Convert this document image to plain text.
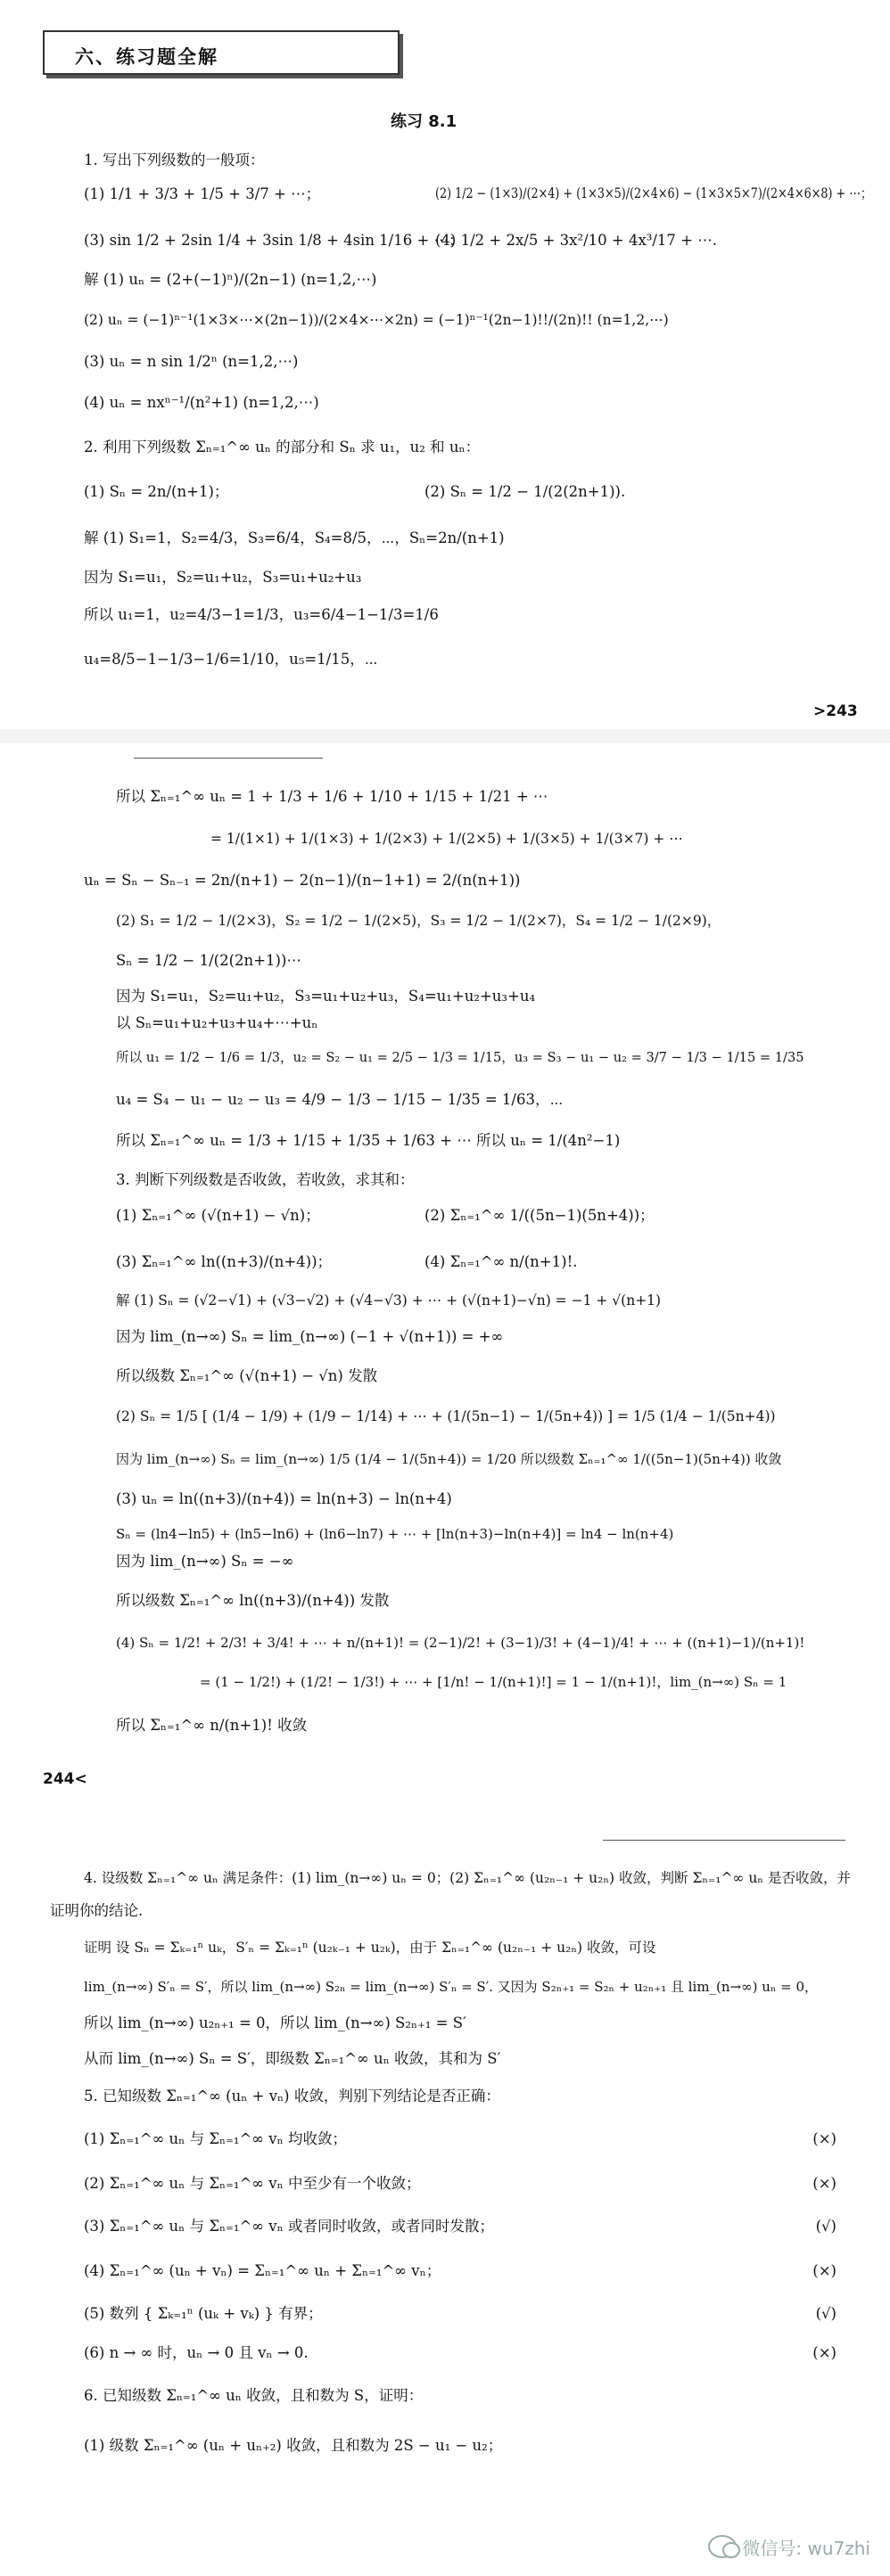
六、练习题全解
练习 8.1
1. 写出下列级数的一般项：
(1) 1/1 + 3/3 + 1/5 + 3/7 + ⋯；	(2) 1/2 − (1×3)/(2×4) + (1×3×5)/(2×4×6) − (1×3×5×7)/(2×4×6×8) + ⋯；
(3) sin 1/2 + 2sin 1/4 + 3sin 1/8 + 4sin 1/16 + ⋯；
(4) 1/2 + 2x/5 + 3x²/10 + 4x³/17 + ⋯.
解 (1) uₙ = (2+(−1)ⁿ)/(2n−1) (n=1,2,⋯)
(2) uₙ = (−1)ⁿ⁻¹(1×3×⋯×(2n−1))/(2×4×⋯×2n) = (−1)ⁿ⁻¹(2n−1)!!/(2n)!! (n=1,2,⋯)
(3) uₙ = n sin 1/2ⁿ (n=1,2,⋯)
(4) uₙ = nxⁿ⁻¹/(n²+1) (n=1,2,⋯)
2. 利用下列级数 Σₙ₌₁^∞ uₙ 的部分和 Sₙ 求 u₁，u₂ 和 uₙ：
(1) Sₙ = 2n/(n+1)；	(2) Sₙ = 1/2 − 1/(2(2n+1)).
解 (1) S₁=1，S₂=4/3，S₃=6/4，S₄=8/5，⋯，Sₙ=2n/(n+1)
因为 S₁=u₁，S₂=u₁+u₂，S₃=u₁+u₂+u₃
所以 u₁=1，u₂=4/3−1=1/3，u₃=6/4−1−1/3=1/6
u₄=8/5−1−1/3−1/6=1/10，u₅=1/15，⋯
>243
所以 Σₙ₌₁^∞ uₙ = 1 + 1/3 + 1/6 + 1/10 + 1/15 + 1/21 + ⋯
= 1/(1×1) + 1/(1×3) + 1/(2×3) + 1/(2×5) + 1/(3×5) + 1/(3×7) + ⋯
uₙ = Sₙ − Sₙ₋₁ = 2n/(n+1) − 2(n−1)/(n−1+1) = 2/(n(n+1))
(2) S₁ = 1/2 − 1/(2×3)，S₂ = 1/2 − 1/(2×5)，S₃ = 1/2 − 1/(2×7)，S₄ = 1/2 − 1/(2×9)，
Sₙ = 1/2 − 1/(2(2n+1))⋯
因为 S₁=u₁，S₂=u₁+u₂，S₃=u₁+u₂+u₃，S₄=u₁+u₂+u₃+u₄
以 Sₙ=u₁+u₂+u₃+u₄+⋯+uₙ
所以 u₁ = 1/2 − 1/6 = 1/3，u₂ = S₂ − u₁ = 2/5 − 1/3 = 1/15，u₃ = S₃ − u₁ − u₂ = 3/7 − 1/3 − 1/15 = 1/35
u₄ = S₄ − u₁ − u₂ − u₃ = 4/9 − 1/3 − 1/15 − 1/35 = 1/63，⋯
所以 Σₙ₌₁^∞ uₙ = 1/3 + 1/15 + 1/35 + 1/63 + ⋯ 所以 uₙ = 1/(4n²−1)
3. 判断下列级数是否收敛，若收敛，求其和：
(1) Σₙ₌₁^∞ (√(n+1) − √n)；	(2) Σₙ₌₁^∞ 1/((5n−1)(5n+4))；
(3) Σₙ₌₁^∞ ln((n+3)/(n+4))；	(4) Σₙ₌₁^∞ n/(n+1)!.
解 (1) Sₙ = (√2−√1) + (√3−√2) + (√4−√3) + ⋯ + (√(n+1)−√n) = −1 + √(n+1)
因为 lim_(n→∞) Sₙ = lim_(n→∞) (−1 + √(n+1)) = +∞
所以级数 Σₙ₌₁^∞ (√(n+1) − √n) 发散
(2) Sₙ = 1/5 [ (1/4 − 1/9) + (1/9 − 1/14) + ⋯ + (1/(5n−1) − 1/(5n+4)) ] = 1/5 (1/4 − 1/(5n+4))
因为 lim_(n→∞) Sₙ = lim_(n→∞) 1/5 (1/4 − 1/(5n+4)) = 1/20 所以级数 Σₙ₌₁^∞ 1/((5n−1)(5n+4)) 收敛
(3) uₙ = ln((n+3)/(n+4)) = ln(n+3) − ln(n+4)
Sₙ = (ln4−ln5) + (ln5−ln6) + (ln6−ln7) + ⋯ + [ln(n+3)−ln(n+4)] = ln4 − ln(n+4)
因为 lim_(n→∞) Sₙ = −∞
所以级数 Σₙ₌₁^∞ ln((n+3)/(n+4)) 发散
(4) Sₙ = 1/2! + 2/3! + 3/4! + ⋯ + n/(n+1)! = (2−1)/2! + (3−1)/3! + (4−1)/4! + ⋯ + ((n+1)−1)/(n+1)!
= (1 − 1/2!) + (1/2! − 1/3!) + ⋯ + [1/n! − 1/(n+1)!] = 1 − 1/(n+1)!，lim_(n→∞) Sₙ = 1
所以 Σₙ₌₁^∞ n/(n+1)! 收敛
244<
4. 设级数 Σₙ₌₁^∞ uₙ 满足条件：(1) lim_(n→∞) uₙ = 0；(2) Σₙ₌₁^∞ (u₂ₙ₋₁ + u₂ₙ) 收敛，判断 Σₙ₌₁^∞ uₙ 是否收敛，并
证明你的结论.
证明 设 Sₙ = Σₖ₌₁ⁿ uₖ，S′ₙ = Σₖ₌₁ⁿ (u₂ₖ₋₁ + u₂ₖ)，由于 Σₙ₌₁^∞ (u₂ₙ₋₁ + u₂ₙ) 收敛，可设
lim_(n→∞) S′ₙ = S′，所以 lim_(n→∞) S₂ₙ = lim_(n→∞) S′ₙ = S′. 又因为 S₂ₙ₊₁ = S₂ₙ + u₂ₙ₊₁ 且 lim_(n→∞) uₙ = 0，
所以 lim_(n→∞) u₂ₙ₊₁ = 0，所以 lim_(n→∞) S₂ₙ₊₁ = S′
从而 lim_(n→∞) Sₙ = S′，即级数 Σₙ₌₁^∞ uₙ 收敛，其和为 S′
5. 已知级数 Σₙ₌₁^∞ (uₙ + vₙ) 收敛，判别下列结论是否正确：
(1) Σₙ₌₁^∞ uₙ 与 Σₙ₌₁^∞ vₙ 均收敛；	(×)
(2) Σₙ₌₁^∞ uₙ 与 Σₙ₌₁^∞ vₙ 中至少有一个收敛；	(×)
(3) Σₙ₌₁^∞ uₙ 与 Σₙ₌₁^∞ vₙ 或者同时收敛，或者同时发散；	(√)
(4) Σₙ₌₁^∞ (uₙ + vₙ) = Σₙ₌₁^∞ uₙ + Σₙ₌₁^∞ vₙ；	(×)
(5) 数列 { Σₖ₌₁ⁿ (uₖ + vₖ) } 有界；	(√)
(6) n → ∞ 时，uₙ → 0 且 vₙ → 0.	(×)
6. 已知级数 Σₙ₌₁^∞ uₙ 收敛，且和数为 S，证明：
(1) 级数 Σₙ₌₁^∞ (uₙ + uₙ₊₂) 收敛，且和数为 2S − u₁ − u₂；
微信号: wu7zhi
